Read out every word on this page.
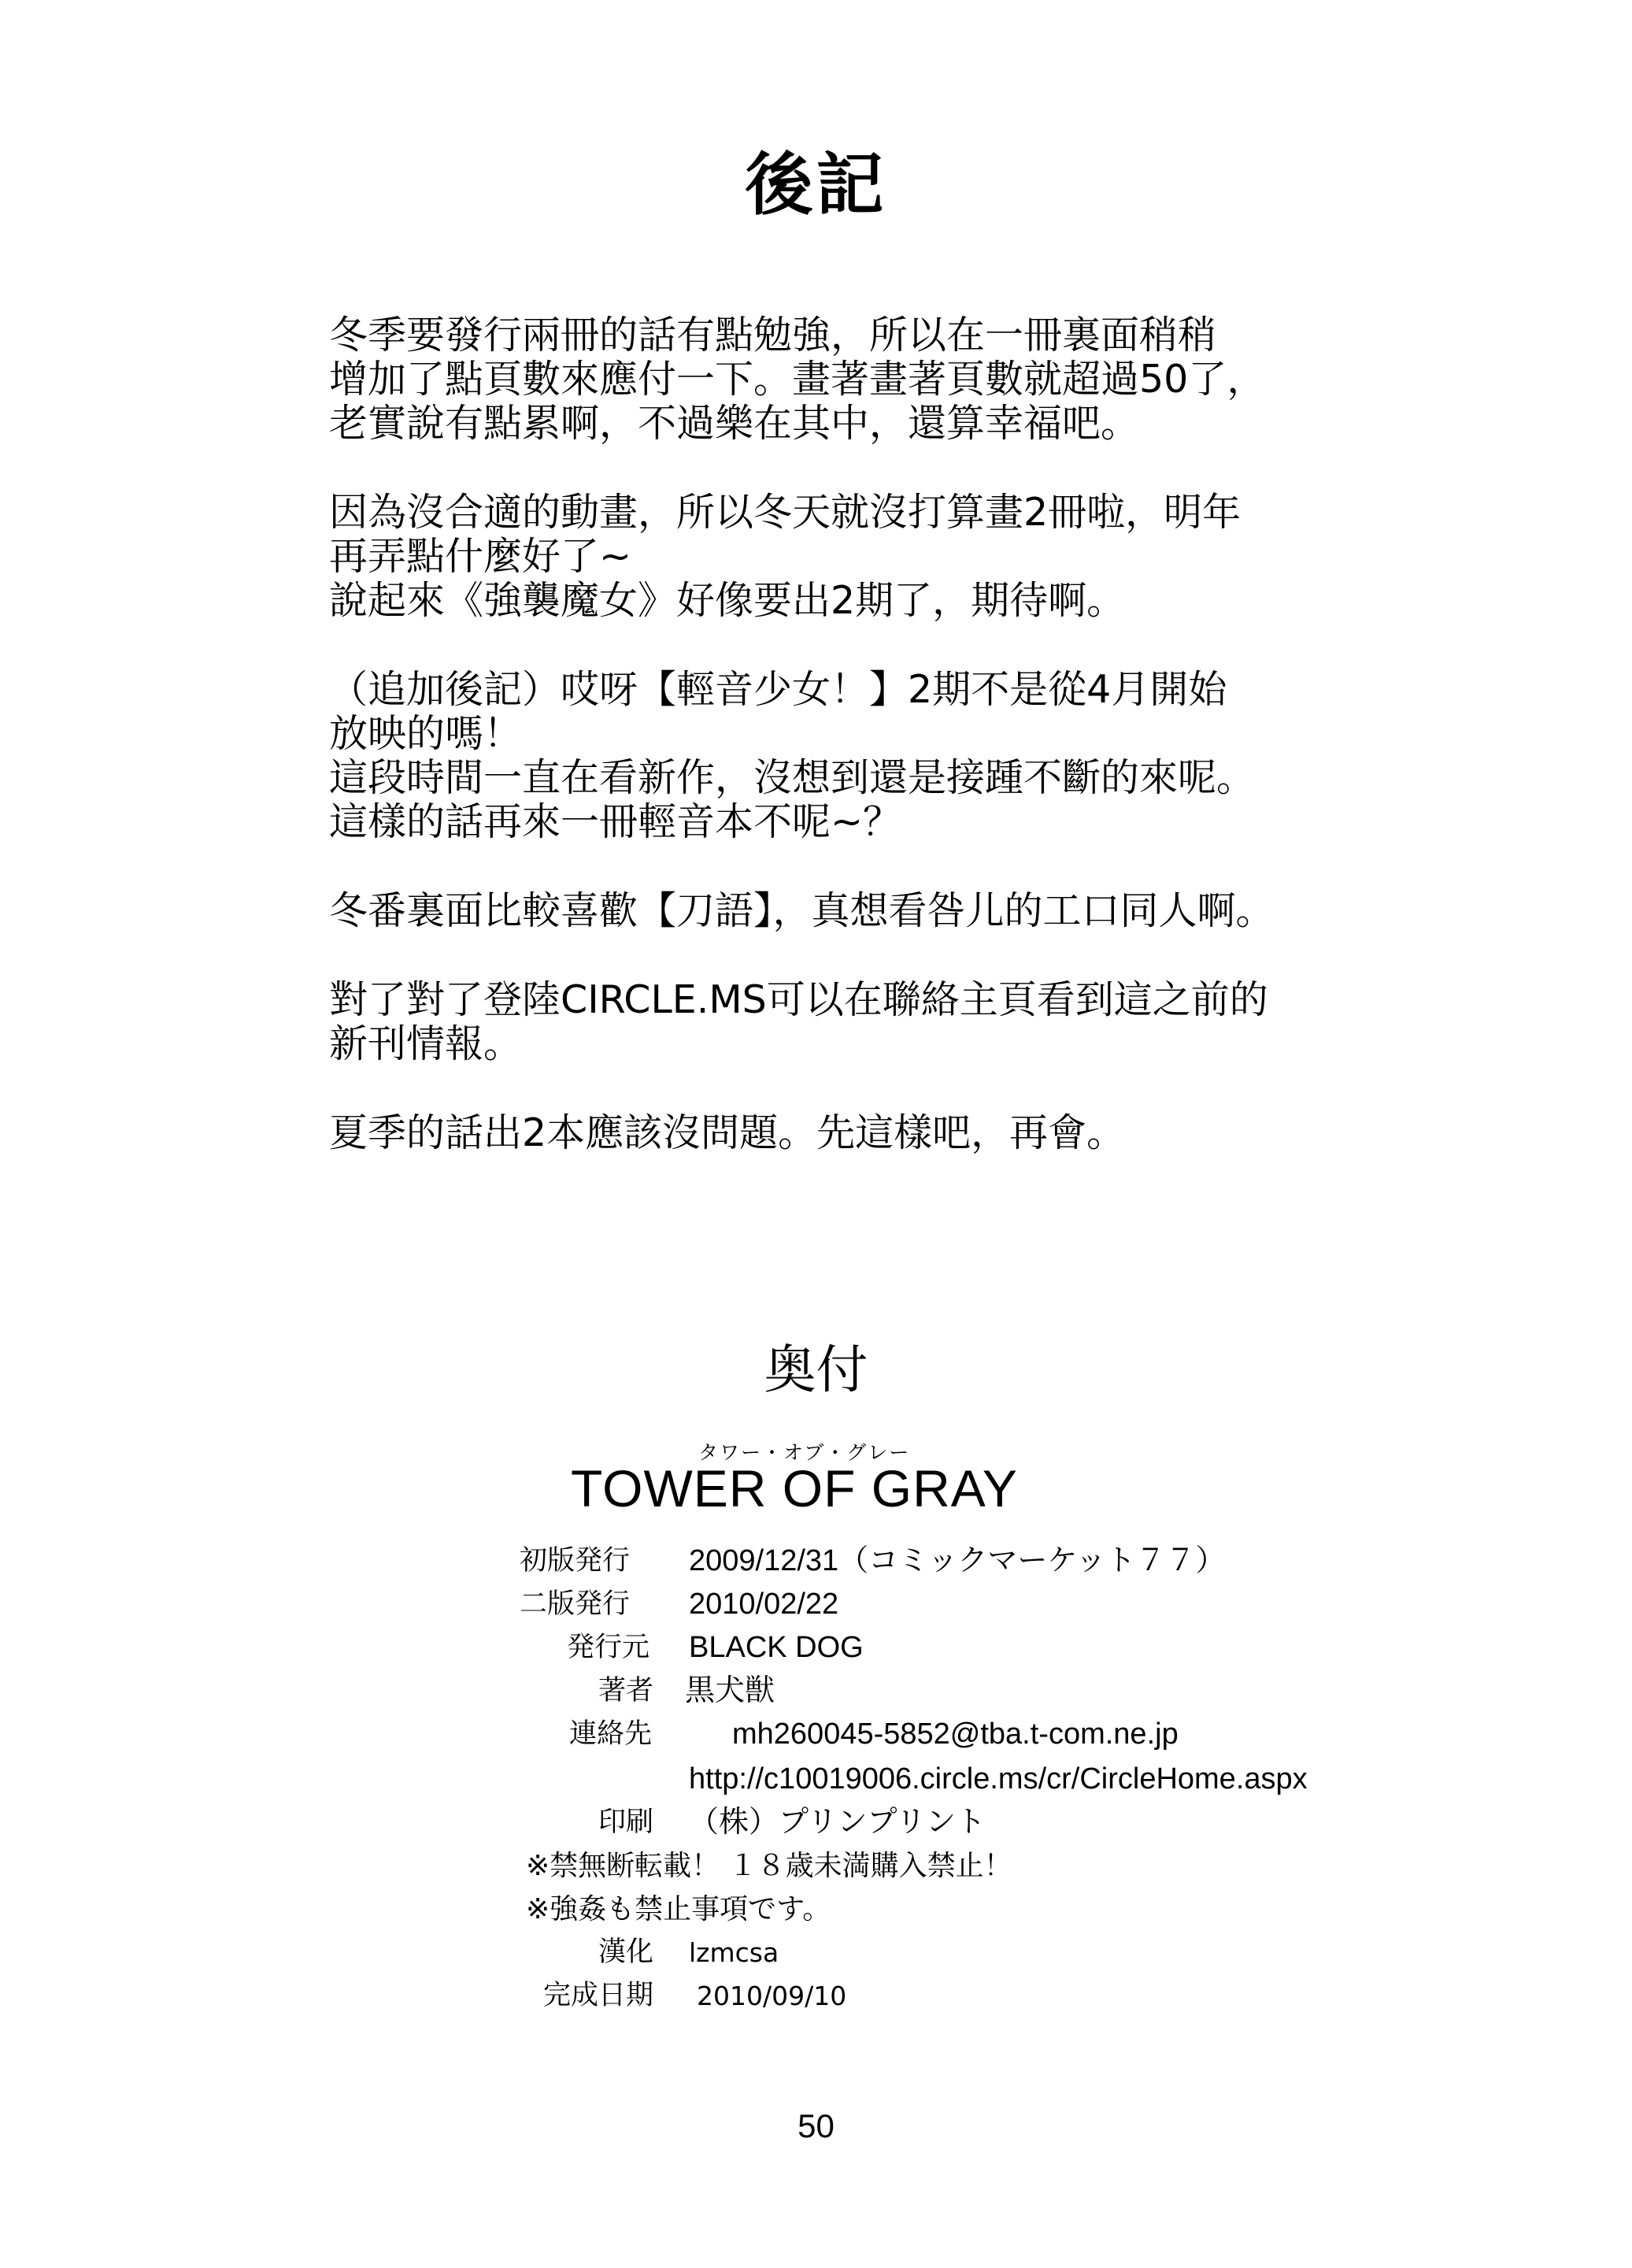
後記
冬季要發行兩冊的話有點勉強，所以在一冊裏面稍稍
增加了點頁數來應付一下。畫著畫著頁數就超過50了，
老實說有點累啊，不過樂在其中，還算幸福吧。
因為沒合適的動畫，所以冬天就沒打算畫2冊啦，明年
再弄點什麼好了~
說起來《強襲魔女》好像要出2期了，期待啊。
（追加後記）哎呀【輕音少女！】2期不是從4月開始
放映的嗎！
這段時間一直在看新作，沒想到還是接踵不斷的來呢。
這樣的話再來一冊輕音本不呢~？
冬番裏面比較喜歡【刀語】，真想看咎儿的工口同人啊。
對了對了登陸CIRCLE.MS可以在聯絡主頁看到這之前的
新刊情報。
夏季的話出2本應該沒問題。先這樣吧，再會。
奥付
タワー・オブ・グレー
TOWER OF GRAY
初版発行 2009/12/31（コミックマーケット７７）
二版発行 2010/02/22
発行元 BLACK DOG
著者 黒犬獣
連絡先	mh260045-5852@tba.t-com.ne.jp
http://c10019006.circle.ms/cr/CircleHome.aspx
印刷 （株）プリンプリント
※禁無断転載！ １８歳未満購入禁止！
※強姦も禁止事項です。
漢化 lzmcsa
完成日期 2010/09/10
50
